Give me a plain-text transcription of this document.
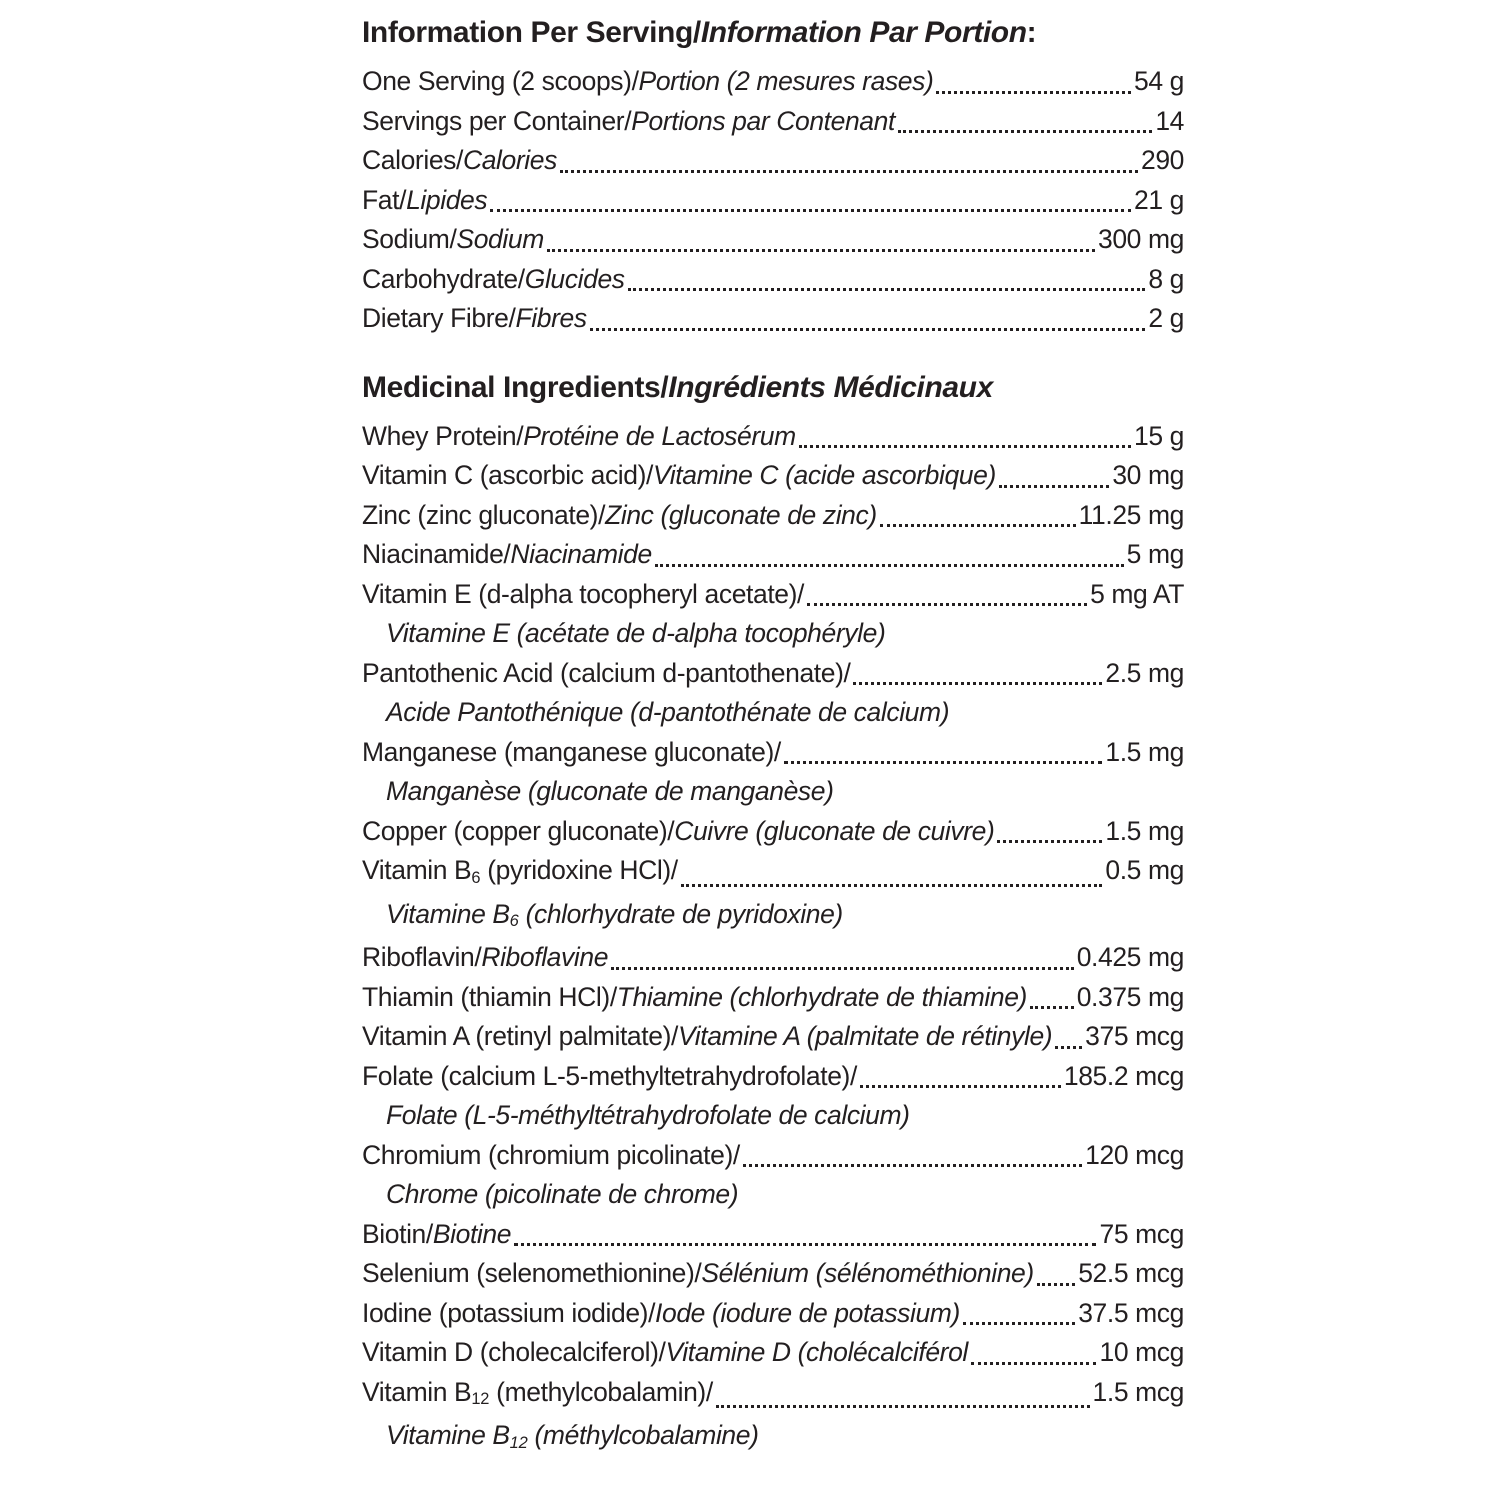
Information Per Serving/Information Par Portion:
One Serving (2 scoops)/ Portion (2 mesures rases)	54 g
Servings per Container/ Portions par Contenant	14
Calories/ Calories	290
Fat/ Lipides	21 g
Sodium/ Sodium	300 mg
Carbohydrate/ Glucides	8 g
Dietary Fibre/ Fibres	2 g
Medicinal Ingredients/Ingrédients Médicinaux
Whey Protein/ Protéine de Lactosérum	15 g
Vitamin C (ascorbic acid)/ Vitamine C (acide ascorbique)	30 mg
Zinc (zinc gluconate)/ Zinc (gluconate de zinc)	11.25 mg
Niacinamide/ Niacinamide	5 mg
Vitamin E (d-alpha tocopheryl acetate)/	5 mg AT
Vitamine E (acétate de d-alpha tocophéryle)
Pantothenic Acid (calcium d-pantothenate)/	2.5 mg
Acide Pantothénique (d-pantothénate de calcium)
Manganese (manganese gluconate)/	1.5 mg
Manganèse (gluconate de manganèse)
Copper (copper gluconate)/ Cuivre (gluconate de cuivre)	1.5 mg
Vitamin B6 (pyridoxine HCl)/	0.5 mg
Vitamine B6 (chlorhydrate de pyridoxine)
Riboflavin/ Riboflavine	0.425 mg
Thiamin (thiamin HCl)/ Thiamine (chlorhydrate de thiamine) 0.375 mg
Vitamin A (retinyl palmitate)/ Vitamine A (palmitate de rétinyle) 375 mcg
Folate (calcium L-5-methyltetrahydrofolate)/	185.2 mcg
Folate (L-5-méthyltétrahydrofolate de calcium)
Chromium (chromium picolinate)/	120 mcg
Chrome (picolinate de chrome)
Biotin/ Biotine	75 mcg
Selenium (selenomethionine)/ Sélénium (sélénométhionine) 52.5 mcg
Iodine (potassium iodide)/ Iode (iodure de potassium)	37.5 mcg
Vitamin D (cholecalciferol)/ Vitamine D (cholécalciférol	10 mcg
Vitamin B12 (methylcobalamin)/	1.5 mcg
Vitamine B12 (méthylcobalamine)
